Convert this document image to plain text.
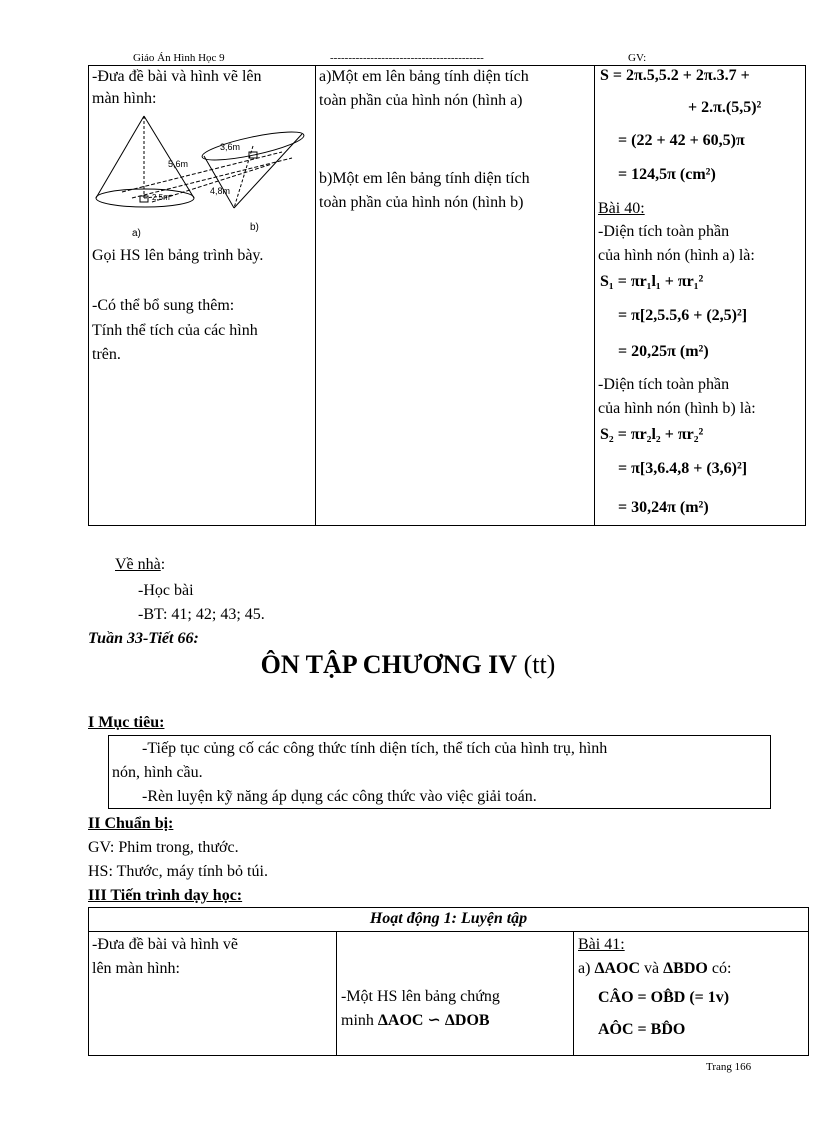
Giáo Án Hình Học 9	------------------------------------------	GV:
-Đưa đề bài và hình vẽ lên
màn hình:
5,6m
2,5m
3,6m
4,8m
a)
b)
Gọi HS lên bảng trình bày.
-Có thể bổ sung thêm:
Tính thể tích của các hình
trên.
a)Một em lên bảng tính diện tích
toàn phần của hình nón (hình a)
b)Một em lên bảng tính diện tích
toàn phần của hình nón (hình b)
S = 2π.5,5.2 + 2π.3.7 +
+ 2.π.(5,5)²
= (22 + 42 + 60,5)π
= 124,5π (cm²)
Bài 40:
-Diện tích toàn phần
của hình nón (hình a) là:
S₁ = πr₁l₁ + πr₁²
= π[2,5.5,6 + (2,5)²]
= 20,25π (m²)
-Diện tích toàn phần
của hình nón (hình b) là:
S₂ = πr₂l₂ + πr₂²
= π[3,6.4,8 + (3,6)²]
= 30,24π (m²)
Về nhà:
-Học bài
-BT: 41; 42; 43; 45.
Tuần 33-Tiết 66:
ÔN TẬP CHƯƠNG IV (tt)
I Mục tiêu:
-Tiếp tục củng cố các công thức tính diện tích, thể tích của hình trụ, hình
nón, hình cầu.
-Rèn luyện kỹ năng áp dụng các công thức vào việc giải toán.
II Chuẩn bị:
GV: Phim trong, thước.
HS: Thước, máy tính bỏ túi.
III Tiến trình dạy học:
Hoạt động 1: Luyện tập
-Đưa đề bài và hình vẽ
lên màn hình:
-Một HS lên bảng chứng
minh ΔAOC ∽ ΔDOB
Bài 41:
a) ΔAOC và ΔBDO có:
CÂO = OB̂D (= 1v)
AÔC = BD̂O
Trang 166
